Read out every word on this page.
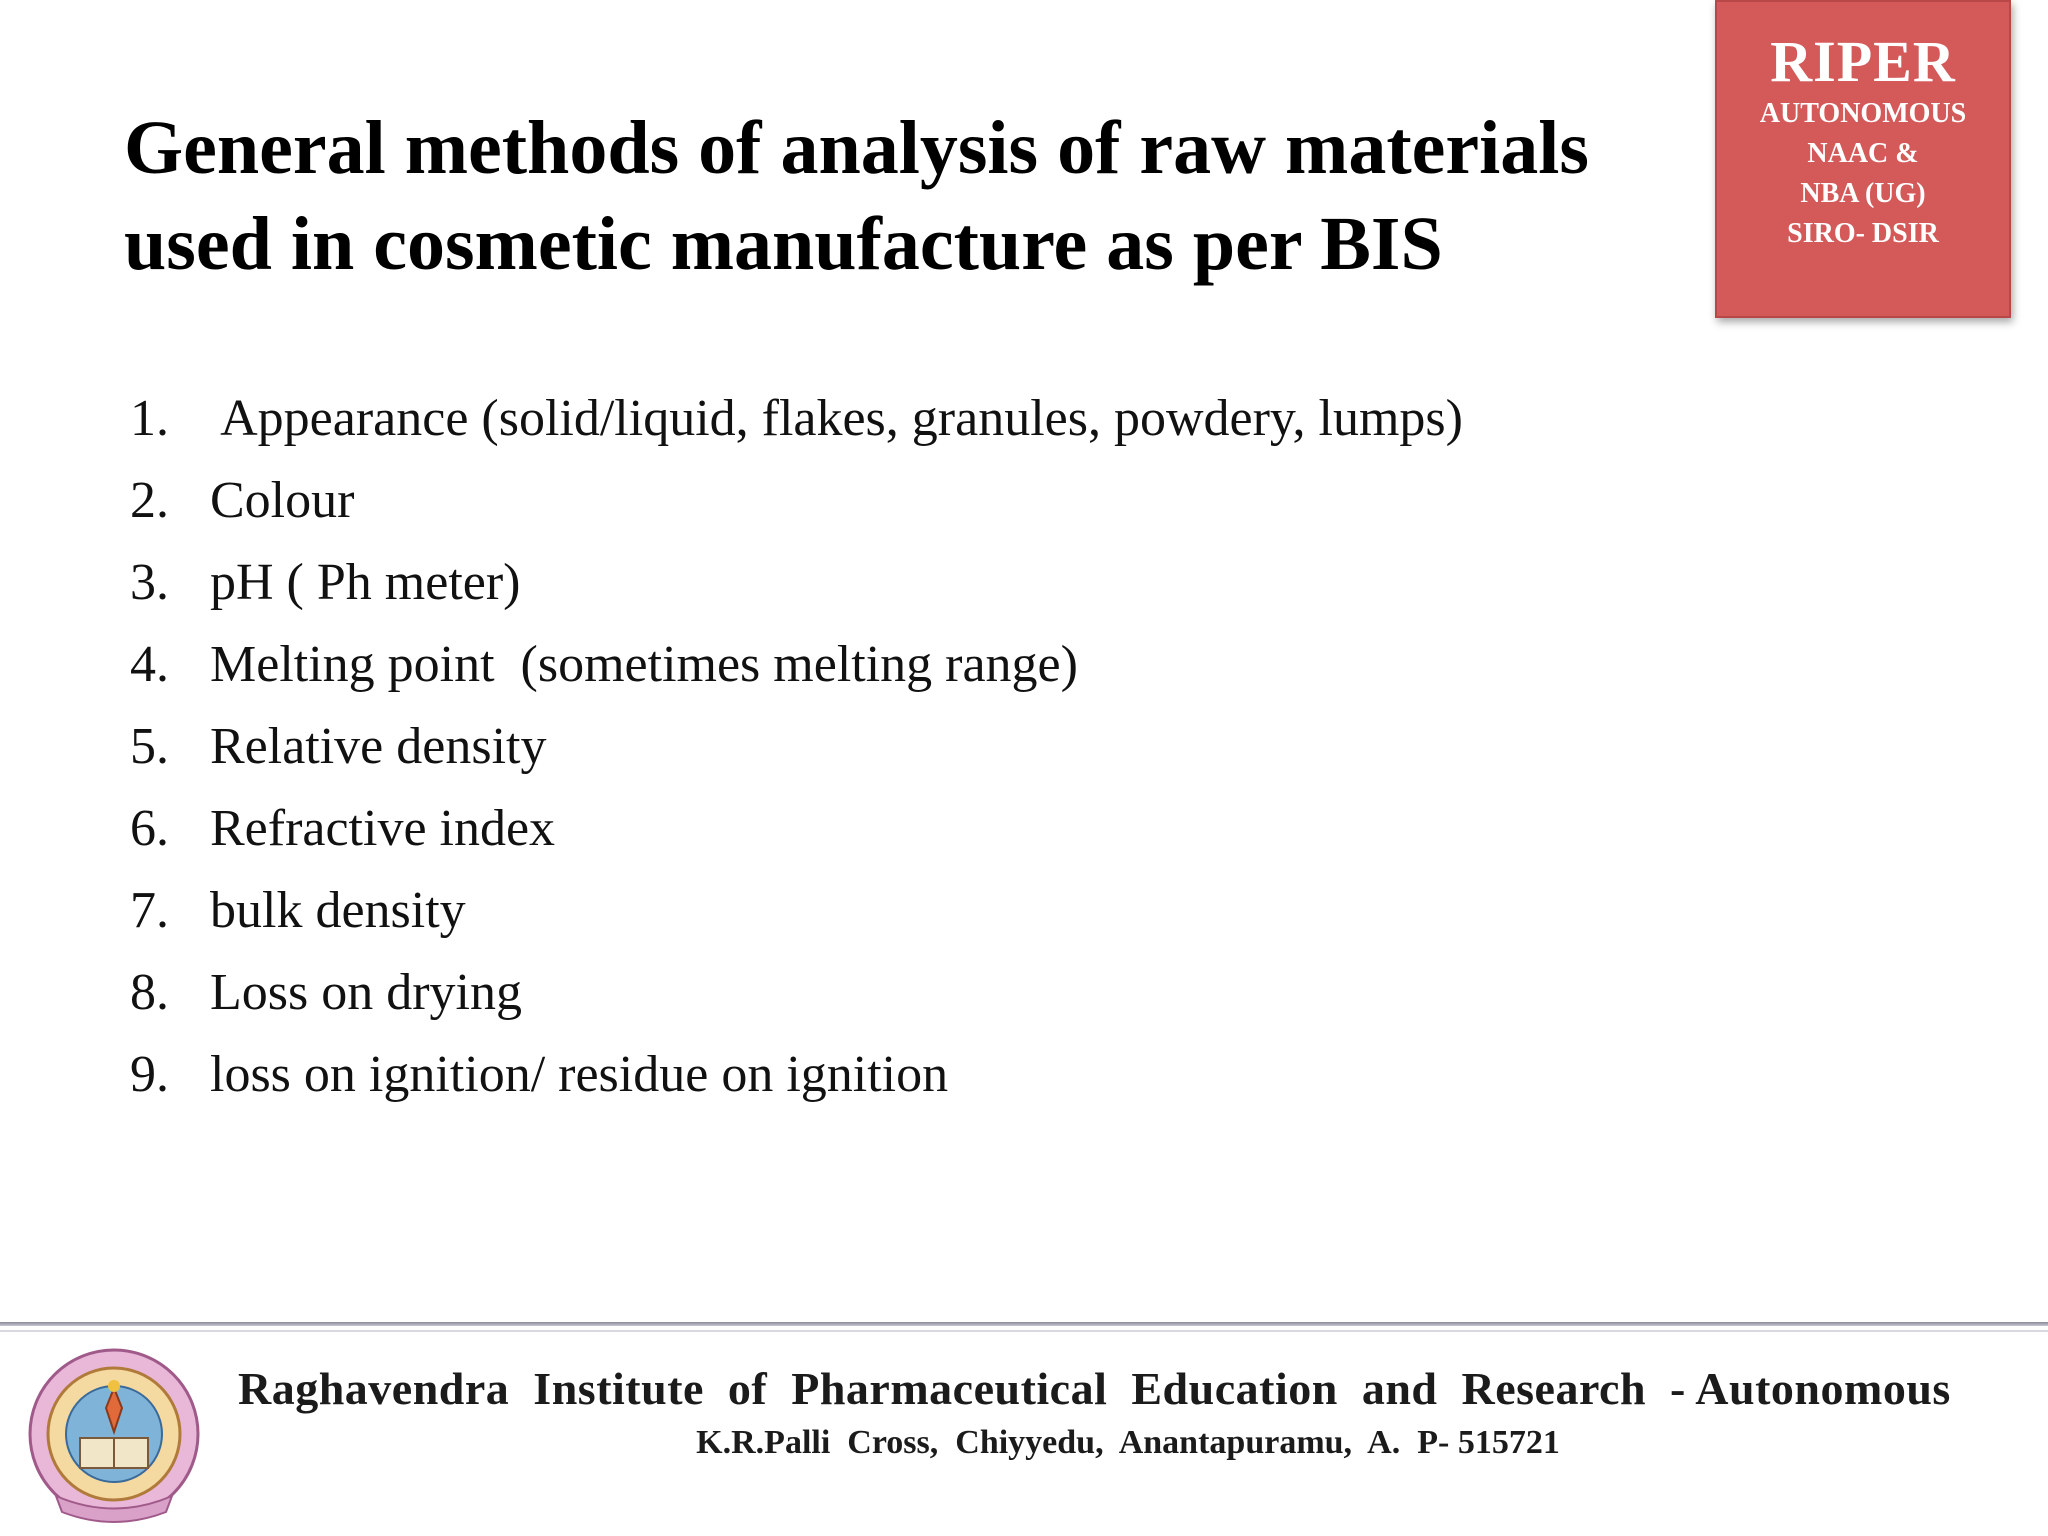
General methods of analysis of raw materials
used in cosmetic manufacture as per BIS
RIPER
AUTONOMOUS
NAAC &
NBA (UG)
SIRO- DSIR
1. Appearance (solid/liquid, flakes, granules, powdery, lumps)
2. Colour
3. pH ( Ph meter)
4. Melting point  (sometimes melting range)
5. Relative density
6. Refractive index
7. bulk density
8. Loss on drying
9. loss on ignition/ residue on ignition
Raghavendra  Institute  of  Pharmaceutical  Education  and  Research  - Autonomous
K.R.Palli  Cross,  Chiyyedu,  Anantapuramu,  A.  P- 515721
